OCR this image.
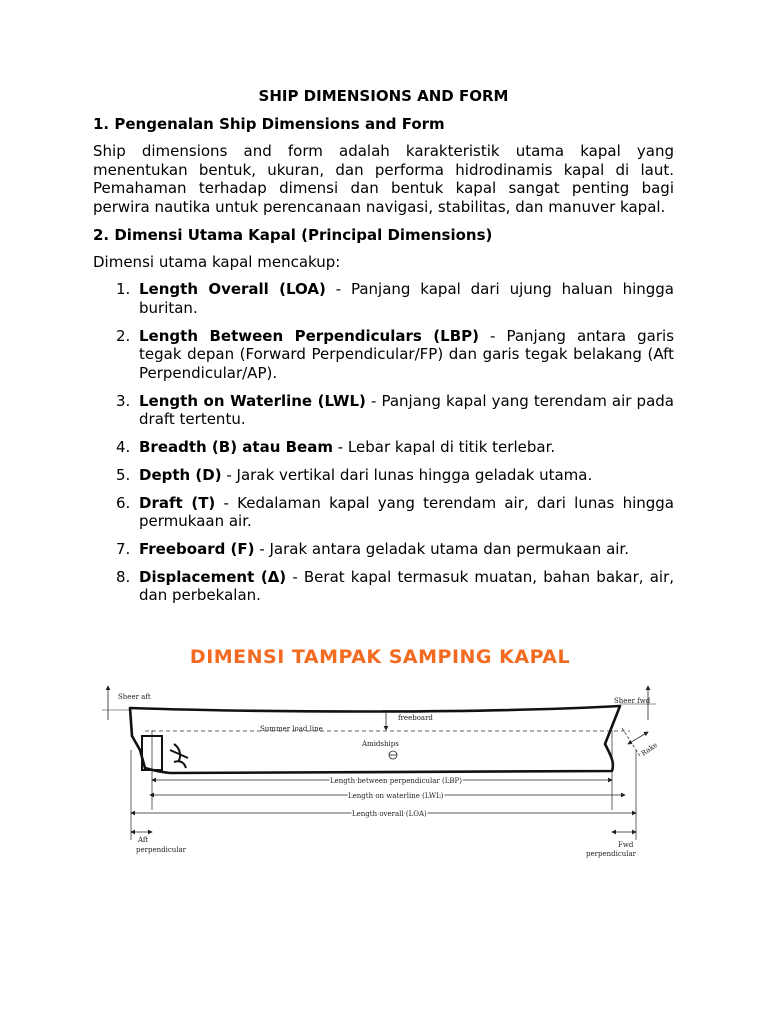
SHIP DIMENSIONS AND FORM
1. Pengenalan Ship Dimensions and Form
Ship dimensions and form adalah karakteristik utama kapal yang menentukan bentuk, ukuran, dan performa hidrodinamis kapal di laut. Pemahaman terhadap dimensi dan bentuk kapal sangat penting bagi perwira nautika untuk perencanaan navigasi, stabilitas, dan manuver kapal.
2. Dimensi Utama Kapal (Principal Dimensions)
Dimensi utama kapal mencakup:
1. Length Overall (LOA) - Panjang kapal dari ujung haluan hingga buritan.
2. Length Between Perpendiculars (LBP) - Panjang antara garis tegak depan (Forward Perpendicular/FP) dan garis tegak belakang (Aft Perpendicular/AP).
3. Length on Waterline (LWL) - Panjang kapal yang terendam air pada draft tertentu.
4. Breadth (B) atau Beam - Lebar kapal di titik terlebar.
5. Depth (D) - Jarak vertikal dari lunas hingga geladak utama.
6. Draft (T) - Kedalaman kapal yang terendam air, dari lunas hingga permukaan air.
7. Freeboard (F) - Jarak antara geladak utama dan permukaan air.
8. Displacement (Δ) - Berat kapal termasuk muatan, bahan bakar, air, dan perbekalan.
DIMENSI TAMPAK SAMPING KAPAL
Sheer aft	Sheer fwd
Summer load line
freeboard
Amidships	Rake
Length between perpendicular (LBP)
Length on waterline (LWL)
Length overall (LOA)
Aft
perpendicular
Fwd
perpendicular
